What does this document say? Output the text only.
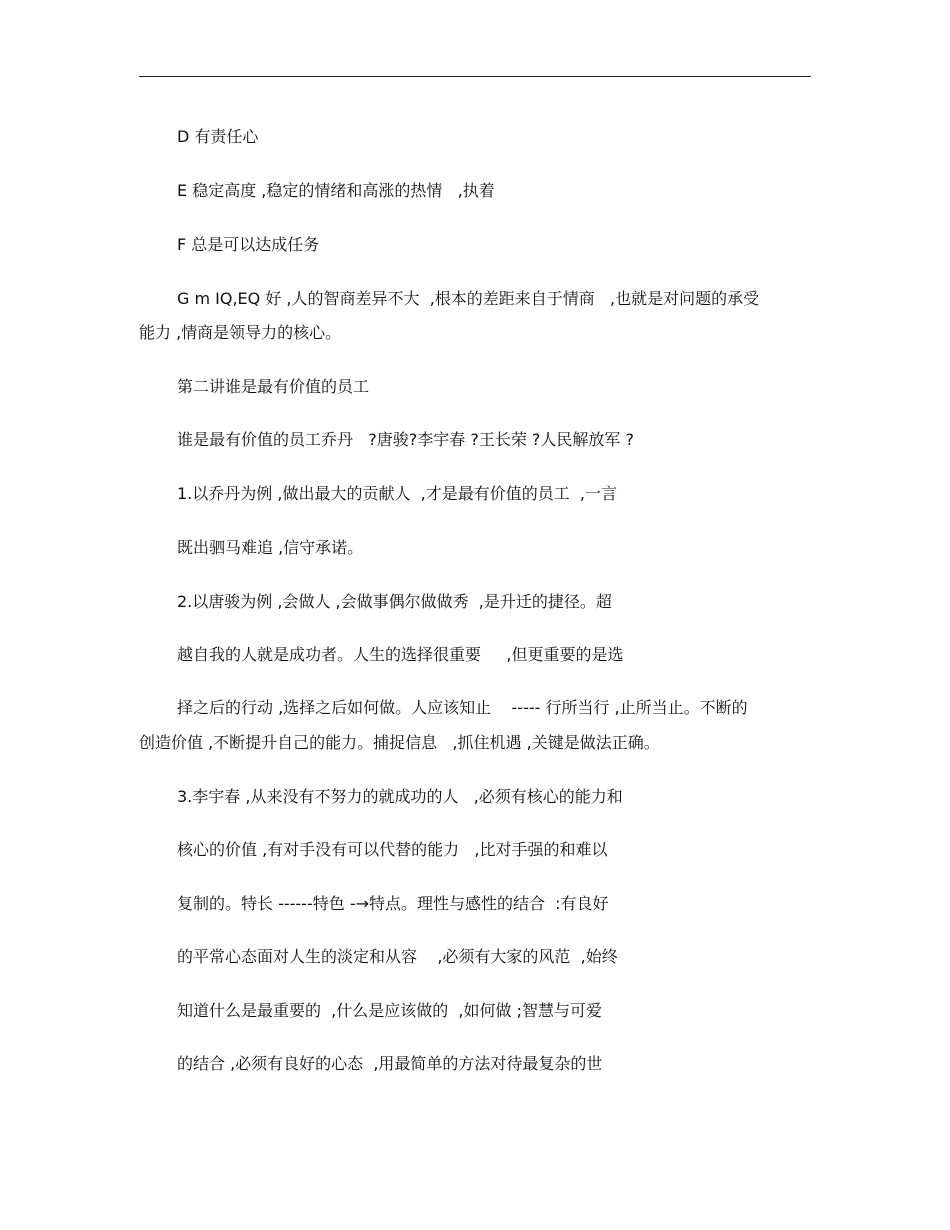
D 有责任心
E 稳定高度 ,稳定的情绪和高涨的热情   ,执着
F 总是可以达成任务
G m IQ,EQ 好 ,人的智商差异不大  ,根本的差距来自于情商   ,也就是对问题的承受
能力 ,情商是领导力的核心。
第二讲谁是最有价值的员工
谁是最有价值的员工乔丹   ?唐骏?李宇春 ?王长荣 ?人民解放军 ?
1.以乔丹为例 ,做出最大的贡献人  ,才是最有价值的员工  ,一言
既出驷马难追 ,信守承诺。
2.以唐骏为例 ,会做人 ,会做事偶尔做做秀  ,是升迁的捷径。超
越自我的人就是成功者。人生的选择很重要     ,但更重要的是选
择之后的行动 ,选择之后如何做。人应该知止    ----- 行所当行 ,止所当止。不断的
创造价值 ,不断提升自己的能力。捕捉信息   ,抓住机遇 ,关键是做法正确。
3.李宇春 ,从来没有不努力的就成功的人   ,必须有核心的能力和
核心的价值 ,有对手没有可以代替的能力   ,比对手强的和难以
复制的。特长 ------特色 -→特点。理性与感性的结合  :有良好
的平常心态面对人生的淡定和从容    ,必须有大家的风范  ,始终
知道什么是最重要的  ,什么是应该做的  ,如何做 ;智慧与可爱
的结合 ,必须有良好的心态  ,用最简单的方法对待最复杂的世
